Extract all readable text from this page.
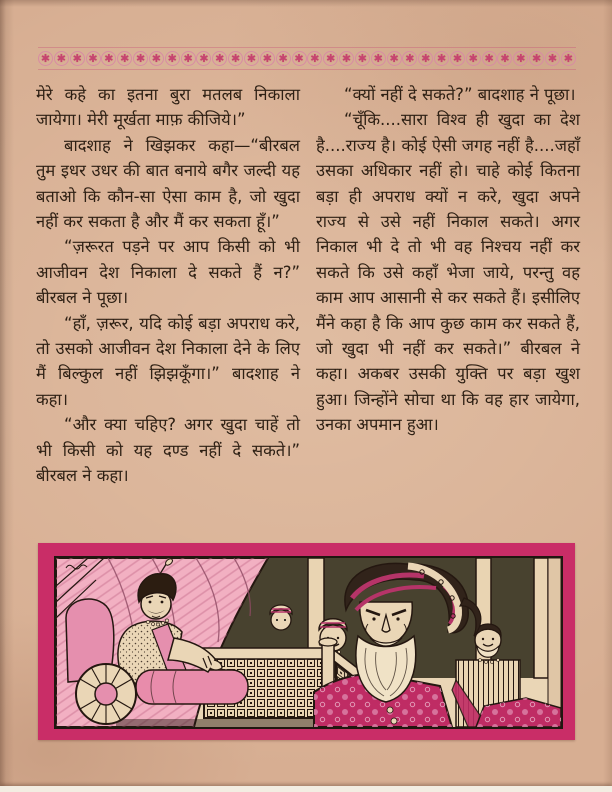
✱ ✱ ✱ ✱ ✱ ✱ ✱ ✱ ✱ ✱ ✱ ✱ ✱ ✱ ✱ ✱ ✱ ✱ ✱ ✱ ✱ ✱ ✱ ✱ ✱ ✱ ✱ ✱ ✱ ✱ ✱ ✱ ✱ ✱

मेरे कहे का इतना बुरा मतलब निकाला जायेगा। मेरी मूर्खता माफ़ कीजिये।”

बादशाह ने खिझकर कहा—“बीरबल तुम इधर उधर की बात बनाये बगैर जल्दी यह बताओ कि कौन-सा ऐसा काम है, जो खुदा नहीं कर सकता है और मैं कर सकता हूँ।”

“ज़रूरत पड़ने पर आप किसी को भी आजीवन देश निकाला दे सकते हैं न?” बीरबल ने पूछा।

“हाँ, ज़रूर, यदि कोई बड़ा अपराध करे, तो उसको आजीवन देश निकाला देने के लिए मैं बिल्कुल नहीं झिझकूँगा।” बादशाह ने कहा।

“और क्या चहिए? अगर खुदा चाहें तो भी किसी को यह दण्ड नहीं दे सकते।” बीरबल ने कहा।

“क्यों नहीं दे सकते?” बादशाह ने पूछा।

“चूँकि....सारा विश्व ही खुदा का देश है....राज्य है। कोई ऐसी जगह नहीं है....जहाँ उसका अधिकार नहीं हो। चाहे कोई कितना बड़ा ही अपराध क्यों न करे, खुदा अपने राज्य से उसे नहीं निकाल सकते। अगर निकाल भी दे तो भी वह निश्चय नहीं कर सकते कि उसे कहाँ भेजा जाये, परन्तु वह काम आप आसानी से कर सकते हैं। इसीलिए मैंने कहा है कि आप कुछ काम कर सकते हैं, जो खुदा भी नहीं कर सकते।” बीरबल ने कहा। अकबर उसकी युक्ति पर बड़ा खुश हुआ। जिन्होंने सोचा था कि वह हार जायेगा, उनका अपमान हुआ।
